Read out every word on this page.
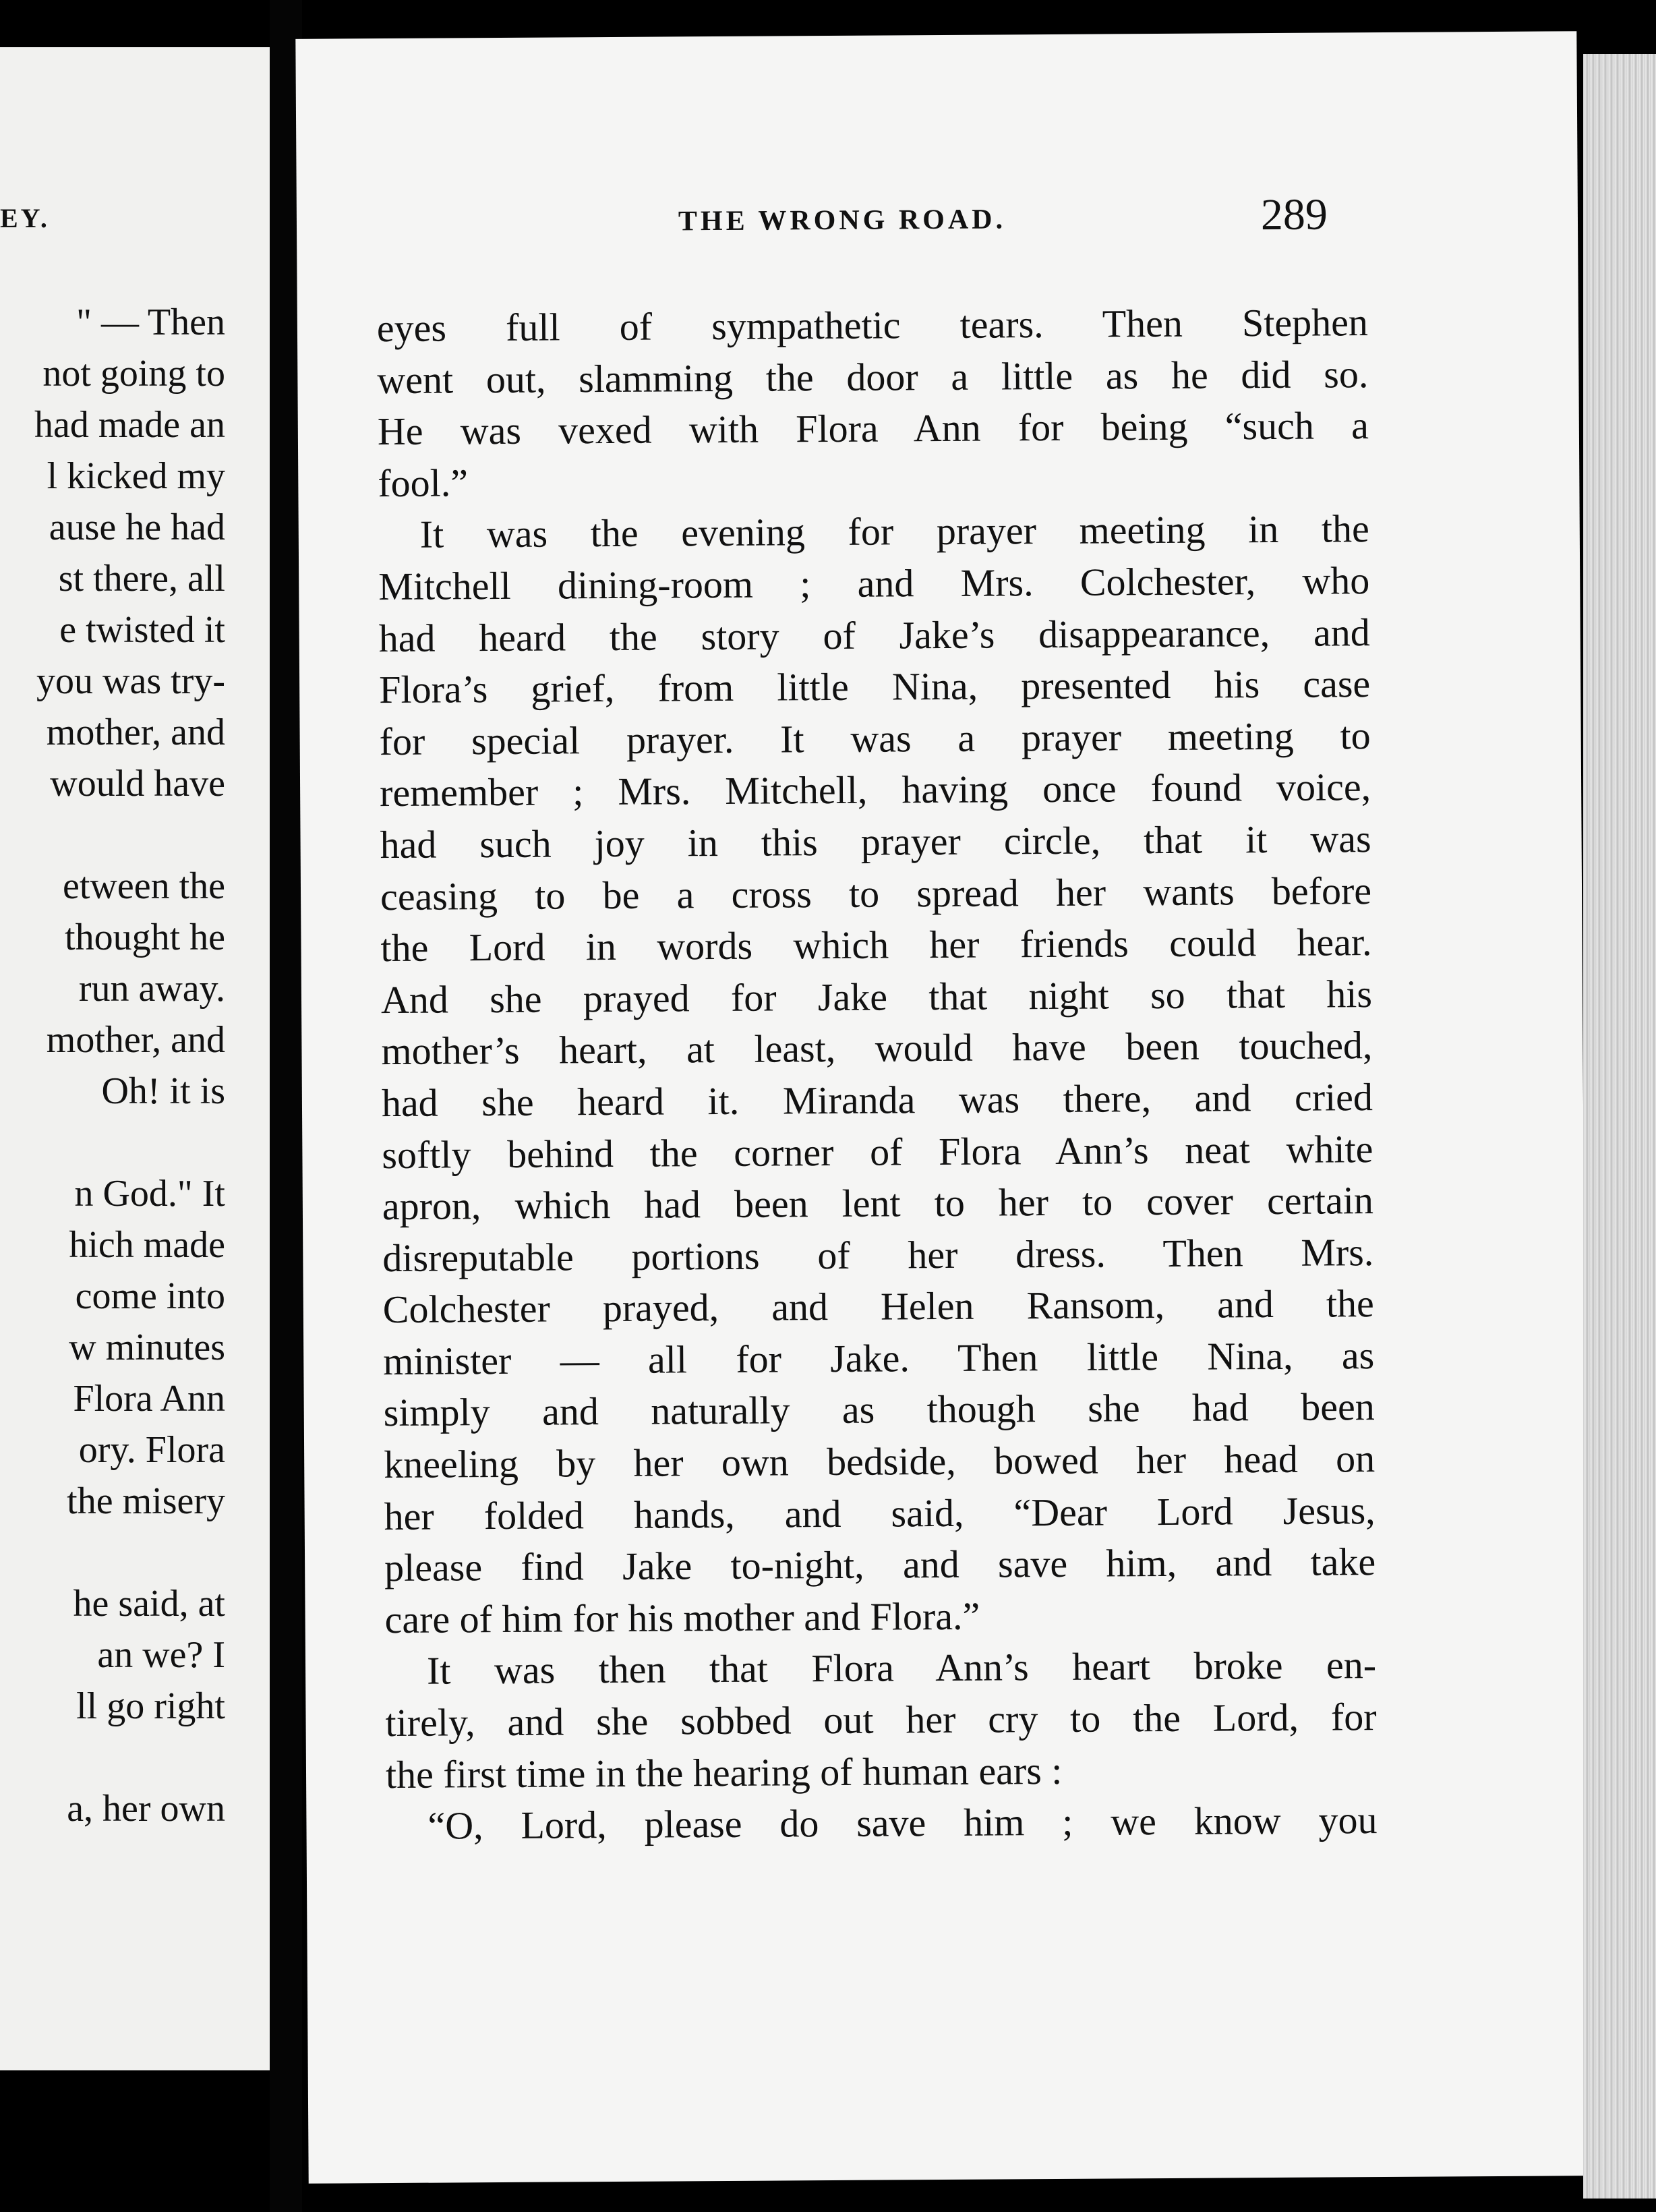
EY.
" — Then
not going to
had made an
l kicked my
ause he had
st there, all
e twisted it
you was try-
mother, and
would have
etween the
thought he
run away.
mother, and
Oh! it is
n God." It
hich made
come into
w minutes
Flora Ann
ory. Flora
the misery
he said, at
an we? I
ll go right
a, her own
THE WRONG ROAD.	289
eyes full of sympathetic tears. Then Stephen
went out, slamming the door a little as he did so.
He was vexed with Flora Ann for being “such a
fool.”
It was the evening for prayer meeting in the
Mitchell dining-room ; and Mrs. Colchester, who
had heard the story of Jake’s disappearance, and
Flora’s grief, from little Nina, presented his case
for special prayer. It was a prayer meeting to
remember ; Mrs. Mitchell, having once found voice,
had such joy in this prayer circle, that it was
ceasing to be a cross to spread her wants before
the Lord in words which her friends could hear.
And she prayed for Jake that night so that his
mother’s heart, at least, would have been touched,
had she heard it. Miranda was there, and cried
softly behind the corner of Flora Ann’s neat white
apron, which had been lent to her to cover certain
disreputable portions of her dress. Then Mrs.
Colchester prayed, and Helen Ransom, and the
minister — all for Jake. Then little Nina, as
simply and naturally as though she had been
kneeling by her own bedside, bowed her head on
her folded hands, and said, “Dear Lord Jesus,
please find Jake to-night, and save him, and take
care of him for his mother and Flora.”
It was then that Flora Ann’s heart broke en-
tirely, and she sobbed out her cry to the Lord, for
the first time in the hearing of human ears :
“O, Lord, please do save him ; we know you
